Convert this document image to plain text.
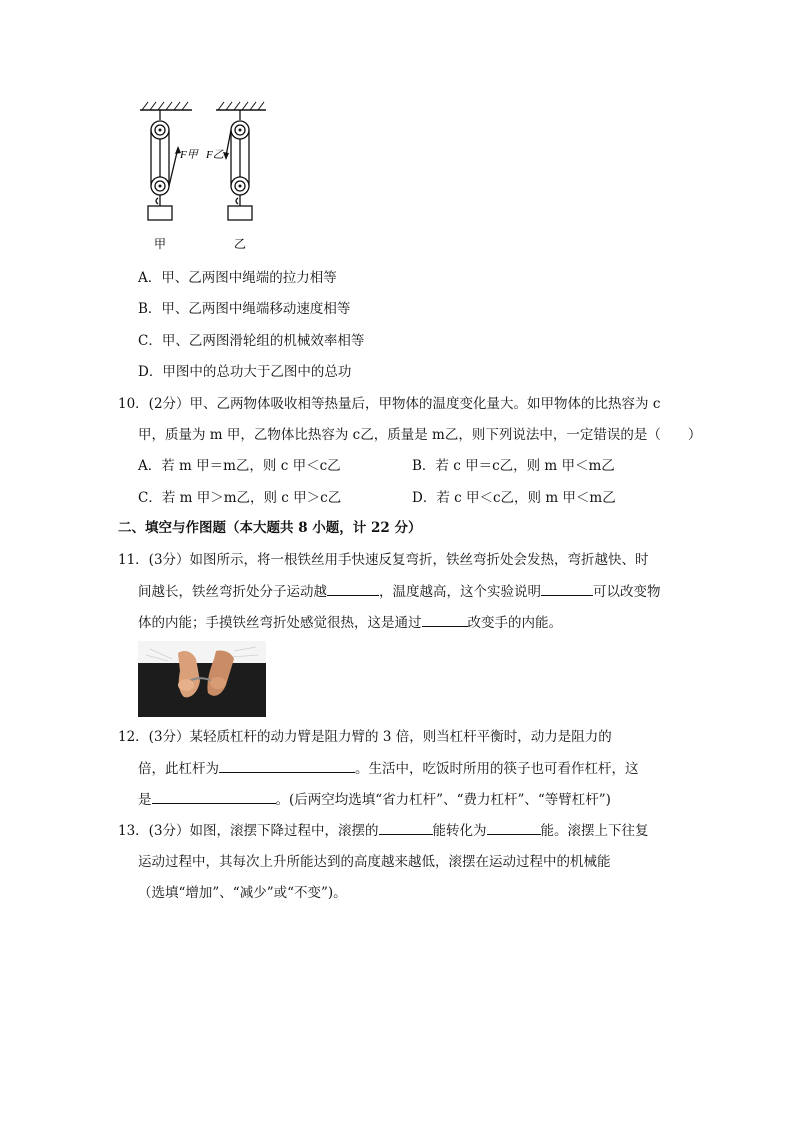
F甲
甲
F乙
乙
A．甲、乙两图中绳端的拉力相等
B．甲、乙两图中绳端移动速度相等
C．甲、乙两图滑轮组的机械效率相等
D．甲图中的总功大于乙图中的总功
10．(2分）甲、乙两物体吸收相等热量后，甲物体的温度变化量大。如甲物体的比热容为 c
甲，质量为 m 甲，乙物体比热容为 c乙，质量是 m乙，则下列说法中，一定错误的是（　　）
A．若 m 甲＝m乙，则 c 甲＜c乙	B．若 c 甲＝c乙，则 m 甲＜m乙
C．若 m 甲＞m乙，则 c 甲＞c乙	D．若 c 甲＜c乙，则 m 甲＜m乙
二、填空与作图题（本大题共 8 小题，计 22 分）
11．(3分）如图所示，将一根铁丝用手快速反复弯折，铁丝弯折处会发热，弯折越快、时
间越长，铁丝弯折处分子运动越	，温度越高，这个实验说明	可以改变物
体的内能；手摸铁丝弯折处感觉很热，这是通过	改变手的内能。
12．(3分）某轻质杠杆的动力臂是阻力臂的 3 倍，则当杠杆平衡时，动力是阻力的
倍，此杠杆为	。生活中，吃饭时所用的筷子也可看作杠杆，这
是	。(后两空均选填“省力杠杆”、“费力杠杆”、“等臂杠杆”)
13．(3分）如图，滚摆下降过程中，滚摆的	能转化为	能。滚摆上下往复
运动过程中，其每次上升所能达到的高度越来越低，滚摆在运动过程中的机械能
（选填“增加”、“减少”或“不变”)。
